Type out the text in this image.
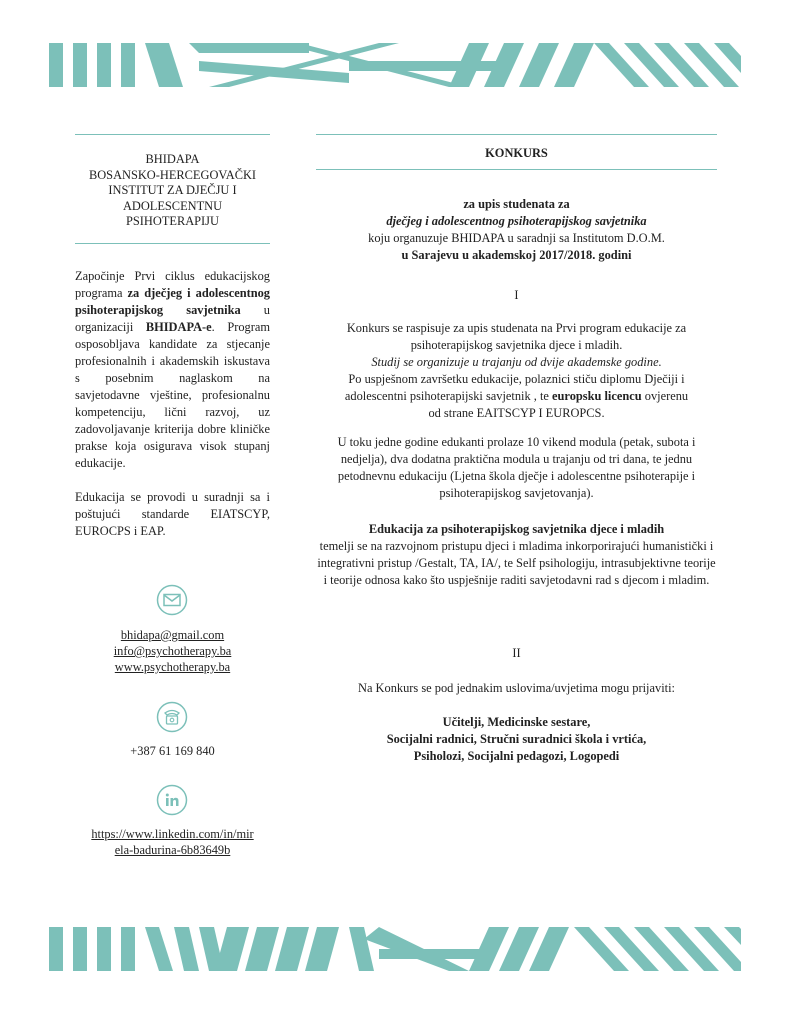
BHIDAPA
BOSANSKO-HERCEGOVAČKI
INSTITUT ZA DJEČJU I
ADOLESCENTNU PSIHOTERAPIJU

Započinje Prvi ciklus edukacijskog programa za dječjeg i adolescentnog psihoterapijskog savjetnika u organizaciji BHIDAPA-e. Program osposobljava kandidate za stjecanje profesionalnih i akademskih iskustava s posebnim naglaskom na savjetodavne vještine, profesionalnu kompetenciju, lični razvoj, uz zadovoljavanje kriterija dobre kliničke prakse koja osigurava visok stupanj edukacije.

Edukacija se provodi u suradnji sa i poštujući standarde EIATSCYP, EUROCPS i EAP.

bhidapa@gmail.com
info@psychotherapy.ba
www.psychotherapy.ba
+387 61 169 840
https://www.linkedin.com/in/mir
ela-badurina-6b83649b
KONKURS

za upis studenata za

dječjeg i adolescentnog psihoterapijskog savjetnika

koju organuzuje BHIDAPA u saradnji sa Institutom D.O.M.

u Sarajevu u akademskoj 2017/2018. godini

I

Konkurs se raspisuje za upis studenata na Prvi program edukacije za

psihoterapijskog savjetnika djece i mladih.

Studij se organizuje u trajanju od dvije akademske godine.

Po uspješnom završetku edukacije, polaznici stiču diplomu Dječiji i

adolescentni psihoterapijski savjetnik , te europsku licencu ovjerenu

od strane EAITSCYP I EUROPCS.

U toku jedne godine edukanti prolaze 10 vikend modula (petak, subota i nedjelja), dva dodatna praktična modula u trajanju od tri dana, te jednu petodnevnu edukaciju (Ljetna škola dječje i adolescentne psihoterapije i psihoterapijskog savjetovanja).

Edukacija za psihoterapijskog savjetnika djece i mladih

temelji se na razvojnom pristupu djeci i mladima inkorporirajući humanistički i integrativni pristup /Gestalt, TA, IA/, te Self psihologiju, intrasubjektivne teorije i teorije odnosa kako što uspješnije raditi savjetodavni rad s djecom i mladim.

II

Na Konkurs se pod jednakim uslovima/uvjetima mogu prijaviti:

Učitelji, Medicinske sestare,

Socijalni radnici, Stručni suradnici škola i vrtića,

Psiholozi, Socijalni pedagozi, Logopedi
